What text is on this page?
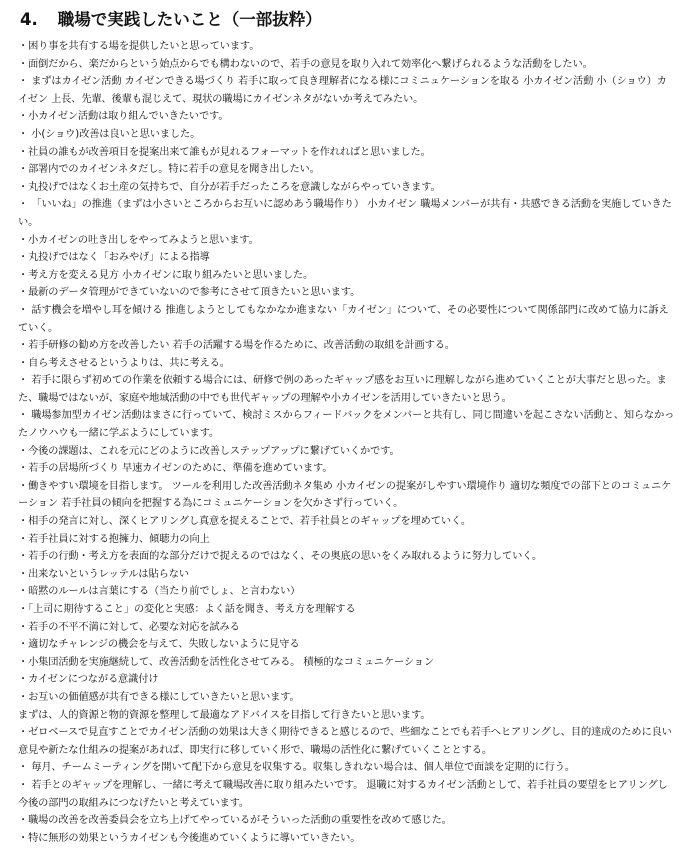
4. 職場で実践したいこと（一部抜粋）
・困り事を共有する場を提供したいと思っています。
・面倒だから、楽だからという始点からでも構わないので、若手の意見を取り入れて効率化へ繋げられるような活動をしたい。
・ まずはカイゼン活動 カイゼンできる場づくり 若手に取って良き理解者になる様にコミニュケーションを取る 小カイゼン活動 小（ショウ）カイゼン 上長、先輩、後輩も混じえて、現状の職場にカイゼンネタがないか考えてみたい。
・小カイゼン活動は取り組んでいきたいです。
・ 小(ショウ)改善は良いと思いました。
・社員の誰もが改善項目を提案出来て誰もが見れるフォーマットを作れればと思いました。
・部署内でのカイゼンネタだし。特に若手の意見を聞き出したい。
・丸投げではなくお土産の気持ちで、自分が若手だったころを意識しながらやっていきます。
・ 「いいね」の推進（まずは小さいところからお互いに認めあう職場作り） 小カイゼン 職場メンバーが共有・共感できる活動を実施していきたい。
・小カイゼンの吐き出しをやってみようと思います。
・丸投げではなく「おみやげ」による指導
・考え方を変える見方 小カイゼンに取り組みたいと思いました。
・最新のデータ管理ができていないので参考にさせて頂きたいと思います。
・ 話す機会を増やし耳を傾ける 推進しようとしてもなかなか進まない「カイゼン」について、その必要性について関係部門に改めて協力に訴えていく。
・若手研修の勧め方を改善したい 若手の活躍する場を作るために、改善活動の取組を計画する。
・自ら考えさせるというよりは、共に考える。
・ 若手に限らず初めての作業を依頼する場合には、研修で例のあったギャップ感をお互いに理解しながら進めていくことが大事だと思った。また、職場ではないが、家庭や地域活動の中でも世代ギャップの理解や小カイゼンを活用していきたいと思う。
・ 職場参加型カイゼン活動はまさに行っていて、検討ミスからフィードバックをメンバーと共有し、同じ間違いを起こさない活動と、知らなかったノウハウも一緒に学ぶようにしています。
・今後の課題は、これを元にどのように改善しステップアップに繋げていくかです。
・若手の居場所づくり 早速カイゼンのために、準備を進めています。
・働きやすい環境を目指します。 ツールを利用した改善活動ネタ集め 小カイゼンの提案がしやすい環境作り 適切な頻度での部下とのコミュニケーション 若手社員の傾向を把握する為にコミュニケーションを欠かさず行っていく。
・相手の発言に対し、深くヒアリングし真意を捉えることで、若手社員とのギャップを埋めていく。
・若手社員に対する抱擁力、傾聴力の向上
・若手の行動・考え方を表面的な部分だけで捉えるのではなく、その奥底の思いをくみ取れるように努力していく。
・出来ないというレッテルは貼らない
・暗黙のルールは言葉にする（当たり前でしょ、と言わない）
・「上司に期待すること」の変化と実感：よく話を聞き、考え方を理解する
・若手の不平不満に対して、必要な対応を試みる
・適切なチャレンジの機会を与えて、失敗しないように見守る
・小集団活動を実施継続して、改善活動を活性化させてみる。 積極的なコミュニケーション
・カイゼンにつながる意識付け
・お互いの価値感が共有できる様にしていきたいと思います。
まずは、人的資源と物的資源を整理して最適なアドバイスを目指して行きたいと思います。
・ゼロベースで見直すことでカイゼン活動の効果は大きく期待できると感じるので、些細なことでも若手へヒアリングし、目的達成のために良い意見や新たな仕組みの提案があれば、即実行に移していく形で、職場の活性化に繋げていくこととする。
・ 毎月、チームミーティングを開いて配下から意見を収集する。収集しきれない場合は、個人単位で面談を定期的に行う。
・ 若手とのギャップを理解し、一緒に考えて職場改善に取り組みたいです。 退職に対するカイゼン活動として、若手社員の要望をヒアリングし今後の部門の取組みにつなげたいと考えています。
・職場の改善を改善委員会を立ち上げてやっているがそういった活動の重要性を改めて感じた。
・特に無形の効果というカイゼンも今後進めていくように導いていきたい。
